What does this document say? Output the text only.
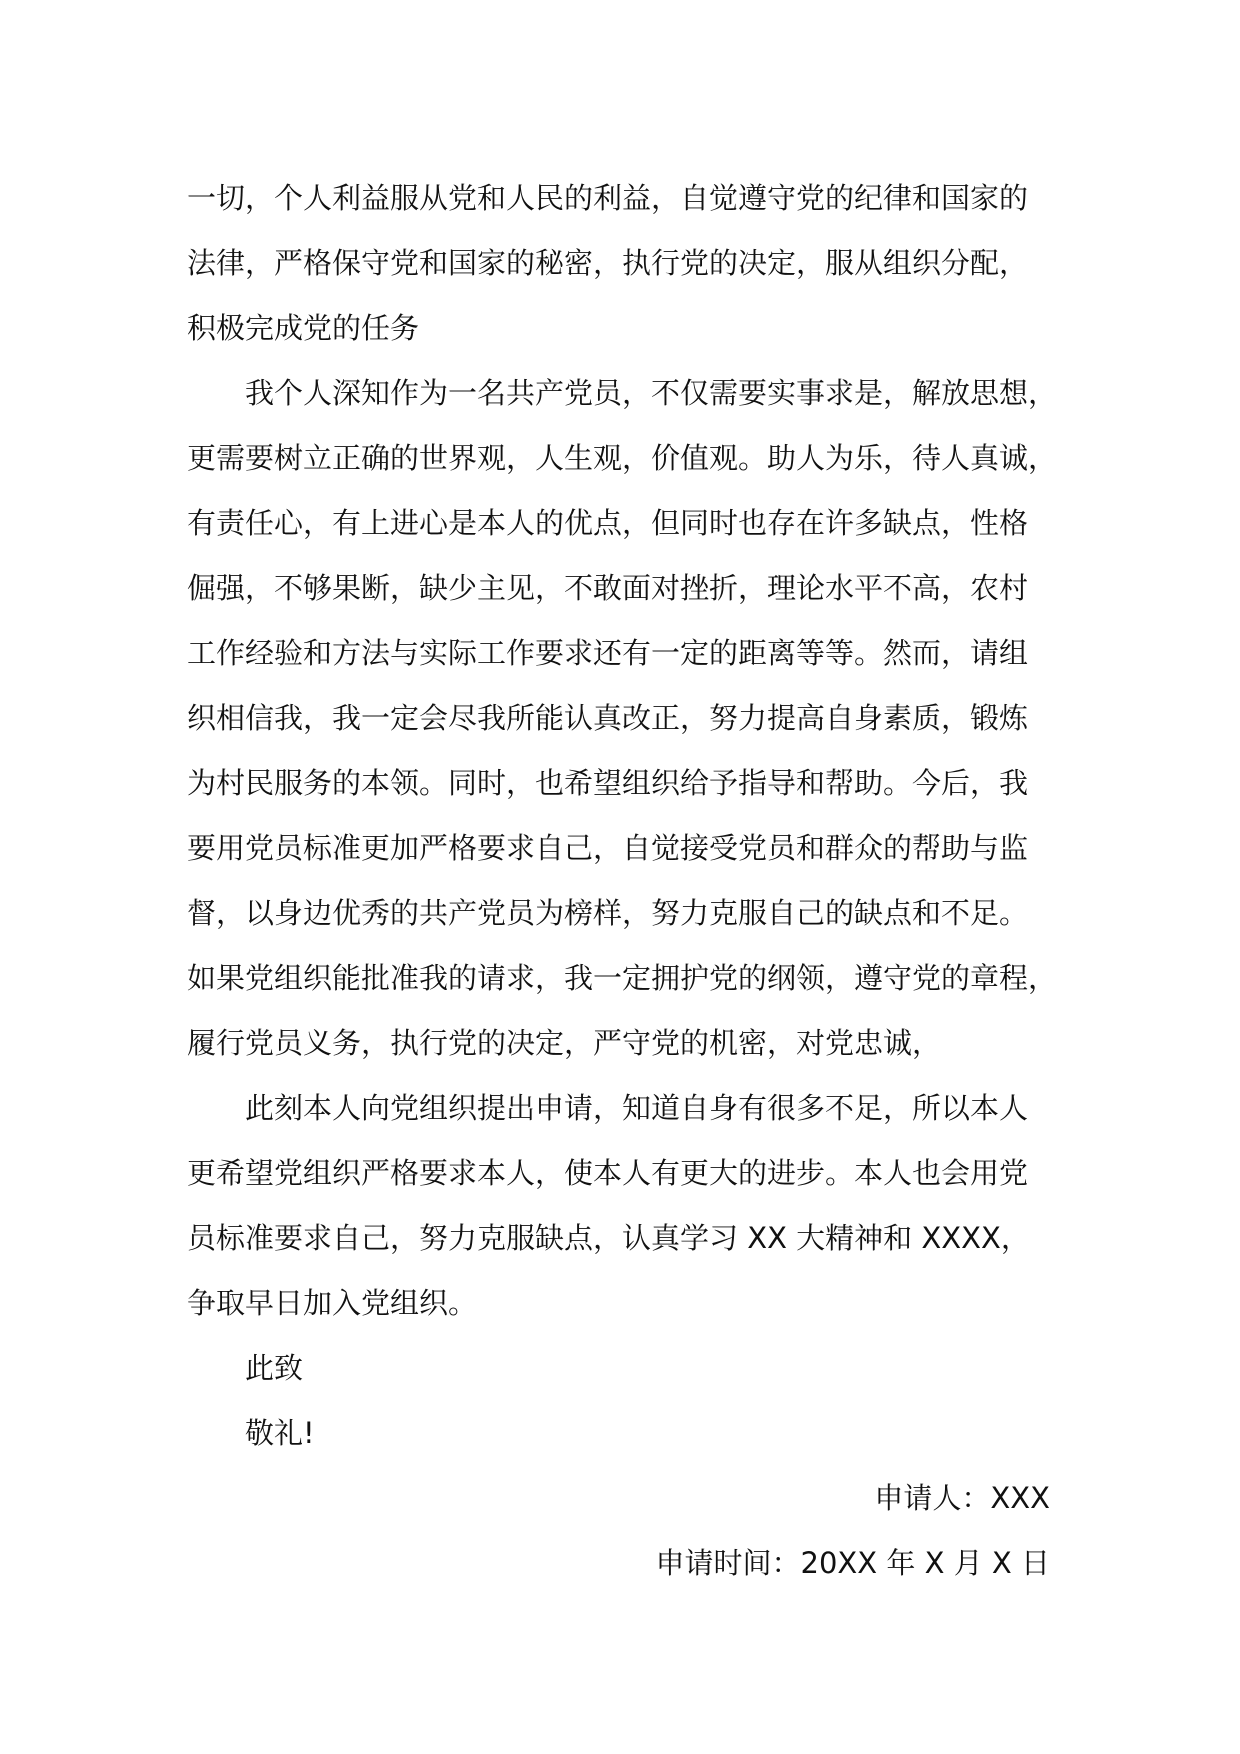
一切，个人利益服从党和人民的利益，自觉遵守党的纪律和国家的
法律，严格保守党和国家的秘密，执行党的决定，服从组织分配，
积极完成党的任务
我个人深知作为一名共产党员，不仅需要实事求是，解放思想，
更需要树立正确的世界观，人生观，价值观。助人为乐，待人真诚，
有责任心，有上进心是本人的优点，但同时也存在许多缺点，性格
倔强，不够果断，缺少主见，不敢面对挫折，理论水平不高，农村
工作经验和方法与实际工作要求还有一定的距离等等。然而，请组
织相信我，我一定会尽我所能认真改正，努力提高自身素质，锻炼
为村民服务的本领。同时，也希望组织给予指导和帮助。今后，我
要用党员标准更加严格要求自己，自觉接受党员和群众的帮助与监
督，以身边优秀的共产党员为榜样，努力克服自己的缺点和不足。
如果党组织能批准我的请求，我一定拥护党的纲领，遵守党的章程，
履行党员义务，执行党的决定，严守党的机密，对党忠诚，
此刻本人向党组织提出申请，知道自身有很多不足，所以本人
更希望党组织严格要求本人，使本人有更大的进步。本人也会用党
员标准要求自己，努力克服缺点，认真学习 XX 大精神和 XXXX，
争取早日加入党组织。
此致
敬礼!
申请人：XXX
申请时间：20XX 年 X 月 X 日
